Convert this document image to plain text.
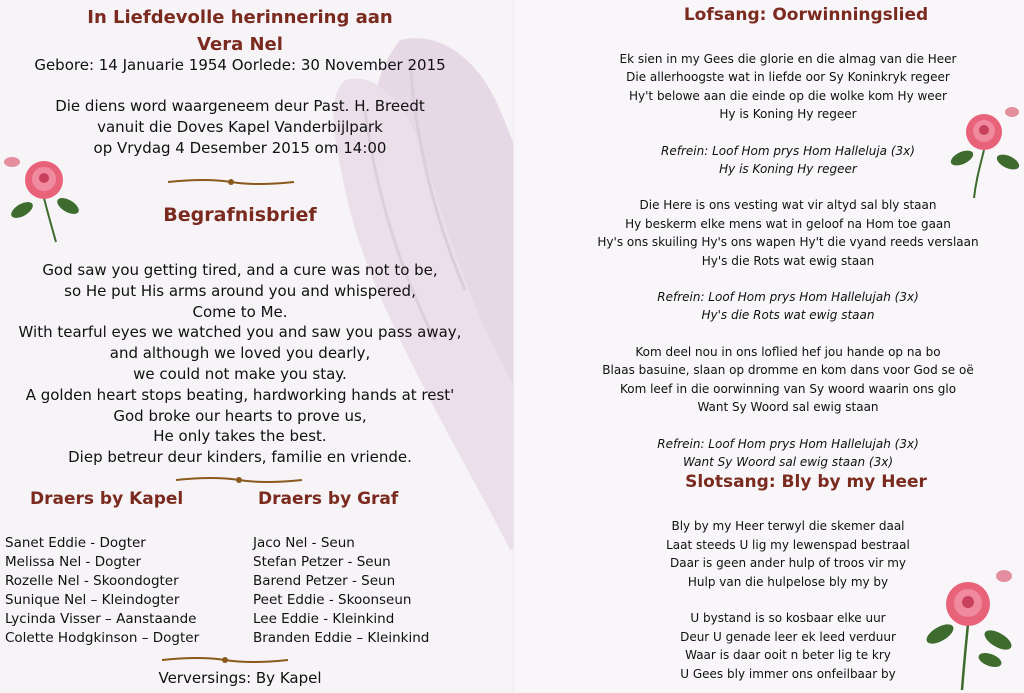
In Liefdevolle herinnering aan
Vera Nel
Gebore: 14 Januarie 1954 Oorlede: 30 November 2015
Die diens word waargeneem deur Past. H. Breedt
vanuit die Doves Kapel Vanderbijlpark
op Vrydag 4 Desember 2015 om 14:00
Begrafnisbrief
God saw you getting tired, and a cure was not to be,
so He put His arms around you and whispered,
Come to Me.
With tearful eyes we watched you and saw you pass away,
and although we loved you dearly,
we could not make you stay.
A golden heart stops beating, hardworking hands at rest'
God broke our hearts to prove us,
He only takes the best.
Diep betreur deur kinders, familie en vriende.
Draers by Kapel	Draers by Graf
Sanet Eddie - Dogter
Melissa Nel - Dogter
Rozelle Nel - Skoondogter
Sunique Nel – Kleindogter
Lycinda Visser – Aanstaande
Colette Hodgkinson – Dogter
Jaco Nel - Seun
Stefan Petzer - Seun
Barend Petzer - Seun
Peet Eddie - Skoonseun
Lee Eddie - Kleinkind
Branden Eddie – Kleinkind
Verversings: By Kapel
Lofsang: Oorwinningslied
Ek sien in my Gees die glorie en die almag van die Heer
Die allerhoogste wat in liefde oor Sy Koninkryk regeer
Hy't belowe aan die einde op die wolke kom Hy weer
Hy is Koning Hy regeer
Refrein: Loof Hom prys Hom Halleluja (3x)
Hy is Koning Hy regeer
Die Here is ons vesting wat vir altyd sal bly staan
Hy beskerm elke mens wat in geloof na Hom toe gaan
Hy's ons skuiling Hy's ons wapen Hy't die vyand reeds verslaan
Hy's die Rots wat ewig staan
Refrein: Loof Hom prys Hom Hallelujah (3x)
Hy's die Rots wat ewig staan
Kom deel nou in ons loflied hef jou hande op na bo
Blaas basuine, slaan op dromme en kom dans voor God se oë
Kom leef in die oorwinning van Sy woord waarin ons glo
Want Sy Woord sal ewig staan
Refrein: Loof Hom prys Hom Hallelujah (3x)
Want Sy Woord sal ewig staan (3x)
Slotsang: Bly by my Heer
Bly by my Heer terwyl die skemer daal
Laat steeds U lig my lewenspad bestraal
Daar is geen ander hulp of troos vir my
Hulp van die hulpelose bly my by
U bystand is so kosbaar elke uur
Deur U genade leer ek leed verduur
Waar is daar ooit n beter lig te kry
U Gees bly immer ons onfeilbaar by
